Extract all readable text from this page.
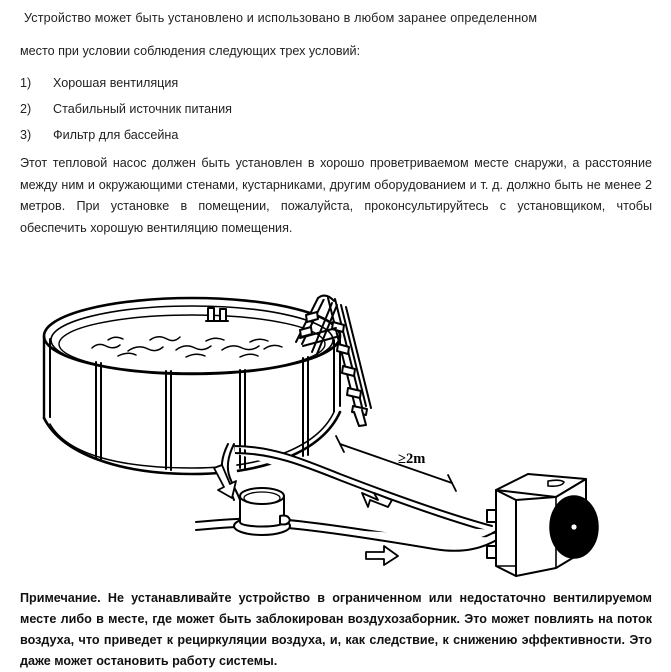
Устройство может быть установлено и использовано в любом заранее определенном
место при условии соблюдения следующих трех условий:
1) Хорошая вентиляция
2) Стабильный источник питания
3) Фильтр для бассейна
Этот тепловой насос должен быть установлен в хорошо проветриваемом месте снаружи, а расстояние между ним и окружающими стенами, кустарниками, другим оборудованием и т. д. должно быть не менее 2 метров. При установке в помещении, пожалуйста, проконсультируйтесь с установщиком, чтобы обеспечить хорошую вентиляцию помещения.
≥2m
Примечание. Не устанавливайте устройство в ограниченном или недостаточно вентилируемом месте либо в месте, где может быть заблокирован воздухозаборник. Это может повлиять на поток воздуха, что приведет к рециркуляции воздуха, и, как следствие, к снижению эффективности. Это даже может остановить работу системы.
